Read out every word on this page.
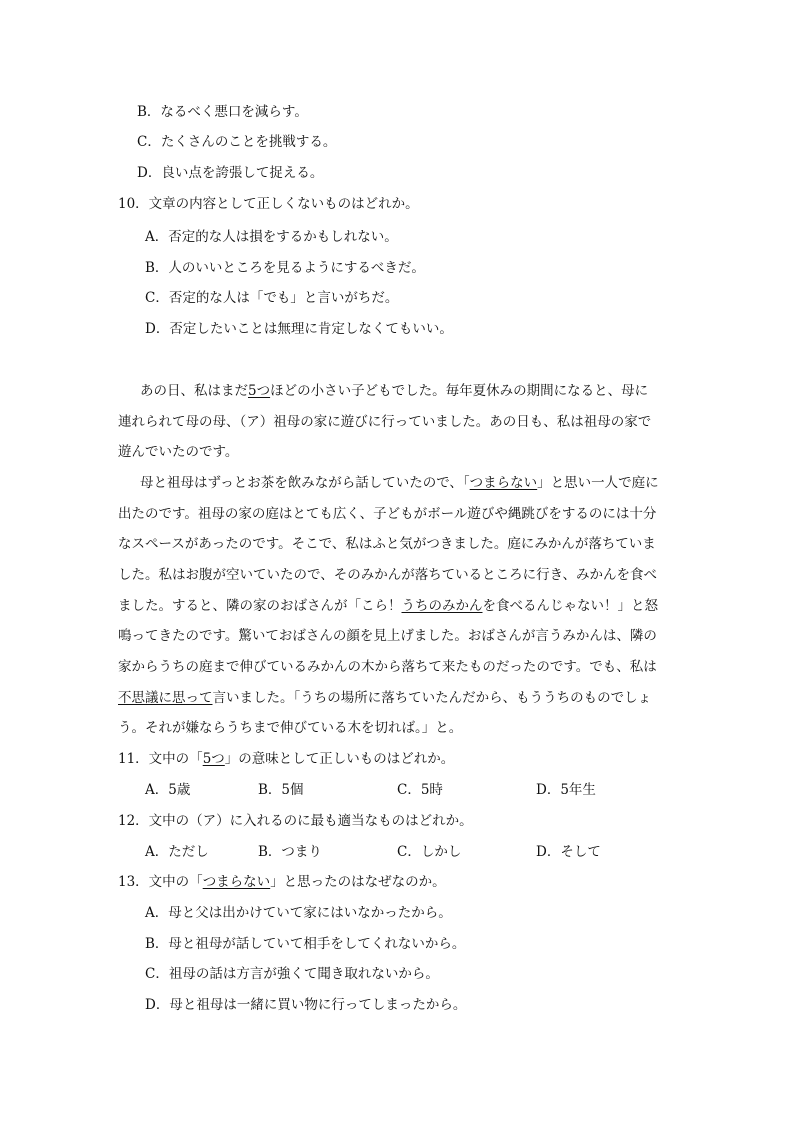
B．なるべく悪口を減らす。
C．たくさんのことを挑戦する。
D．良い点を誇張して捉える。
10．文章の内容として正しくないものはどれか。
A．否定的な人は損をするかもしれない。
B．人のいいところを見るようにするべきだ。
C．否定的な人は「でも」と言いがちだ。
D．否定したいことは無理に肯定しなくてもいい。
あの日、私はまだ5つほどの小さい子どもでした。毎年夏休みの期間になると、母に
連れられて母の母、（ア）祖母の家に遊びに行っていました。あの日も、私は祖母の家で
遊んでいたのです。
母と祖母はずっとお茶を飲みながら話していたので、「つまらない」と思い一人で庭に
出たのです。祖母の家の庭はとても広く、子どもがボール遊びや縄跳びをするのには十分
なスペースがあったのです。そこで、私はふと気がつきました。庭にみかんが落ちていま
した。私はお腹が空いていたので、そのみかんが落ちているところに行き、みかんを食べ
ました。すると、隣の家のおばさんが「こら！うちのみかんを食べるんじゃない！」と怒
鳴ってきたのです。驚いておばさんの顔を見上げました。おばさんが言うみかんは、隣の
家からうちの庭まで伸びているみかんの木から落ちて来たものだったのです。でも、私は
不思議に思って言いました。「うちの場所に落ちていたんだから、もううちのものでしょ
う。それが嫌ならうちまで伸びている木を切れば。」と。
11．文中の「5つ」の意味として正しいものはどれか。
A．5歳	B．5個	C．5時	D．5年生
12．文中の（ア）に入れるのに最も適当なものはどれか。
A．ただし	B．つまり	C．しかし	D．そして
13．文中の「つまらない」と思ったのはなぜなのか。
A．母と父は出かけていて家にはいなかったから。
B．母と祖母が話していて相手をしてくれないから。
C．祖母の話は方言が強くて聞き取れないから。
D．母と祖母は一緒に買い物に行ってしまったから。
